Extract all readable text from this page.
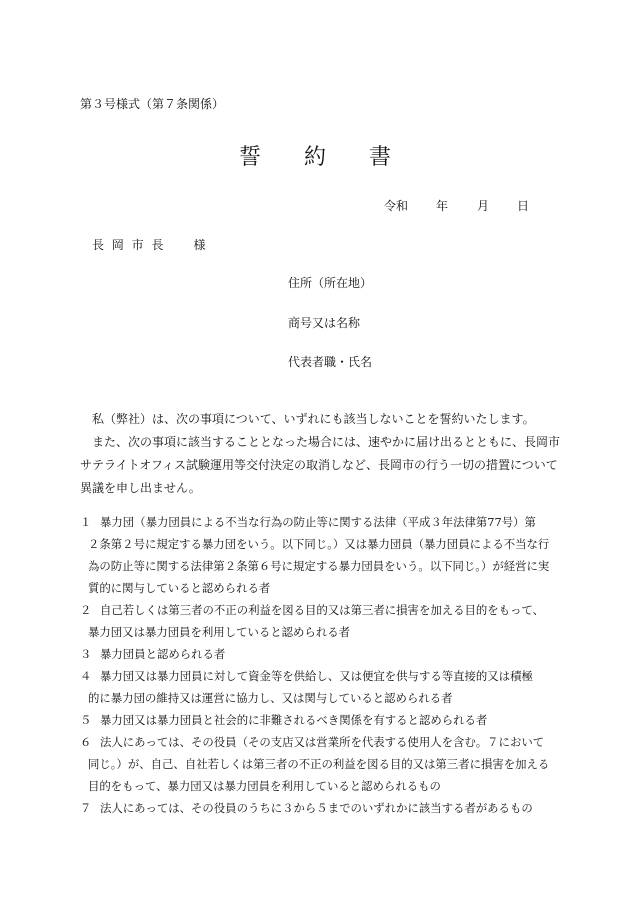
第３号様式（第７条関係）
誓 約 書
令和 年 月 日
長 岡 市 長　　様
住所（所在地）
商号又は名称
代表者職・氏名

私（弊社）は、次の事項について、いずれにも該当しないことを誓約いたします。

また、次の事項に該当することとなった場合には、速やかに届け出るとともに、長岡市サテライトオフィス試験運用等交付決定の取消しなど、長岡市の行う一切の措置について異議を申し出ません。

１ 暴力団（暴力団員による不当な行為の防止等に関する法律（平成３年法律第77号）第
２条第２号に規定する暴力団をいう。以下同じ。）又は暴力団員（暴力団員による不当な行為の防止等に関する法律第２条第６号に規定する暴力団員をいう。以下同じ。）が経営に実質的に関与していると認められる者
２ 自己若しくは第三者の不正の利益を図る目的又は第三者に損害を加える目的をもって、
暴力団又は暴力団員を利用していると認められる者
３ 暴力団員と認められる者
４ 暴力団又は暴力団員に対して資金等を供給し、又は便宜を供与する等直接的又は積極
的に暴力団の維持又は運営に協力し、又は関与していると認められる者
５ 暴力団又は暴力団員と社会的に非難されるべき関係を有すると認められる者
６ 法人にあっては、その役員（その支店又は営業所を代表する使用人を含む。７において
同じ。）が、自己、自社若しくは第三者の不正の利益を図る目的又は第三者に損害を加える目的をもって、暴力団又は暴力団員を利用していると認められるもの
７ 法人にあっては、その役員のうちに３から５までのいずれかに該当する者があるもの
